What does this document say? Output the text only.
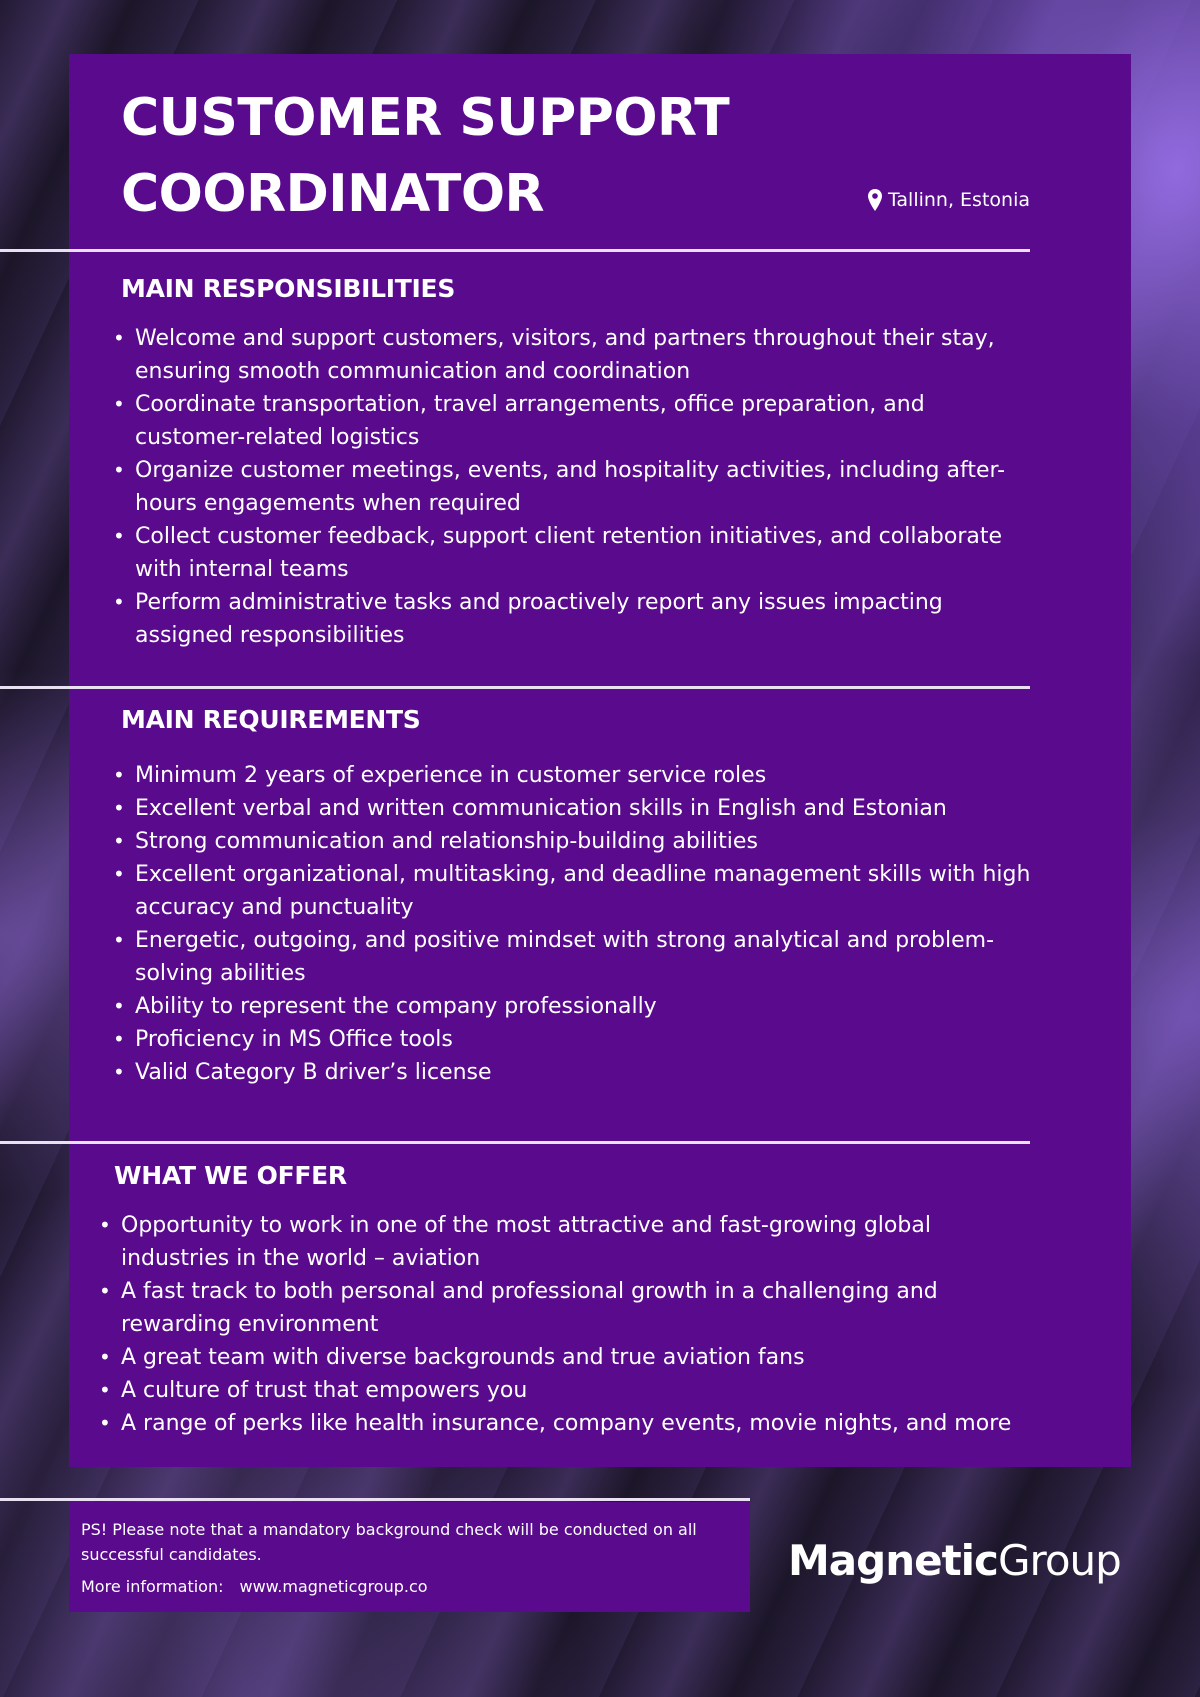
CUSTOMER SUPPORT
COORDINATOR	Tallinn, Estonia
MAIN RESPONSIBILITIES
• Welcome and support customers, visitors, and partners throughout their stay, ensuring smooth communication and coordination
• Coordinate transportation, travel arrangements, office preparation, and customer-related logistics
• Organize customer meetings, events, and hospitality activities, including after-hours engagements when required
• Collect customer feedback, support client retention initiatives, and collaborate with internal teams
• Perform administrative tasks and proactively report any issues impacting assigned responsibilities
MAIN REQUIREMENTS
• Minimum 2 years of experience in customer service roles
• Excellent verbal and written communication skills in English and Estonian
• Strong communication and relationship-building abilities
• Excellent organizational, multitasking, and deadline management skills with high accuracy and punctuality
• Energetic, outgoing, and positive mindset with strong analytical and problem-solving abilities
• Ability to represent the company professionally
• Proficiency in MS Office tools
• Valid Category B driver’s license
WHAT WE OFFER
• Opportunity to work in one of the most attractive and fast-growing global industries in the world – aviation
• A fast track to both personal and professional growth in a challenging and rewarding environment
• A great team with diverse backgrounds and true aviation fans
• A culture of trust that empowers you
• A range of perks like health insurance, company events, movie nights, and more

PS! Please note that a mandatory background check will be conducted on all successful candidates.

More information: www.magneticgroup.co
Magnetic Group
